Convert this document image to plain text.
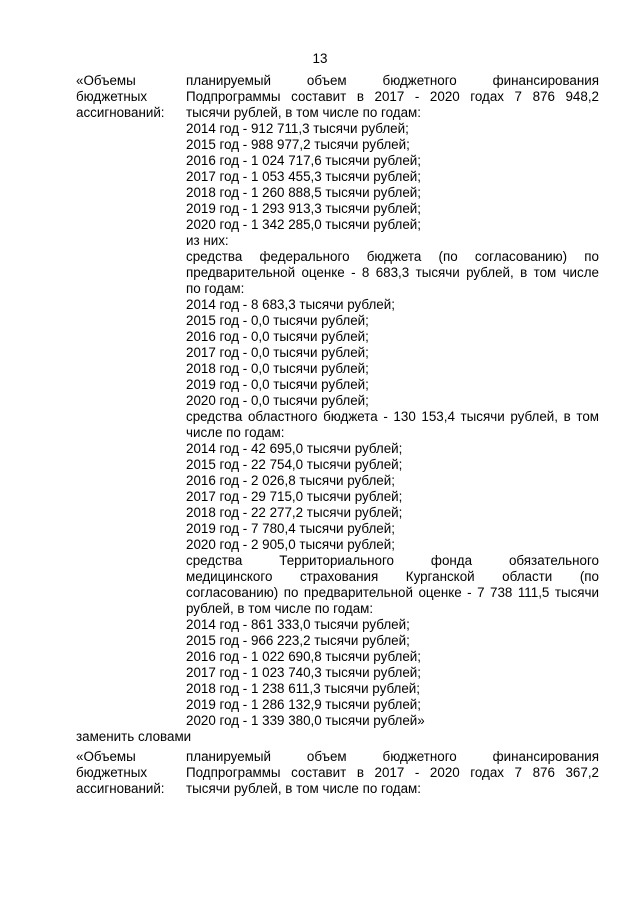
13
«Объемы
бюджетных
ассигнований:
планируемый объем бюджетного финансирования
Подпрограммы составит в 2017 - 2020 годах 7 876 948,2
тысячи рублей, в том числе по годам:
2014 год - 912 711,3 тысячи рублей;
2015 год - 988 977,2 тысячи рублей;
2016 год - 1 024 717,6 тысячи рублей;
2017 год - 1 053 455,3 тысячи рублей;
2018 год - 1 260 888,5 тысячи рублей;
2019 год - 1 293 913,3 тысячи рублей;
2020 год - 1 342 285,0 тысячи рублей;
из них:
средства федерального бюджета (по согласованию) по
предварительной оценке - 8 683,3 тысячи рублей, в том числе
по годам:
2014 год - 8 683,3 тысячи рублей;
2015 год - 0,0 тысячи рублей;
2016 год - 0,0 тысячи рублей;
2017 год - 0,0 тысячи рублей;
2018 год - 0,0 тысячи рублей;
2019 год - 0,0 тысячи рублей;
2020 год - 0,0 тысячи рублей;
средства областного бюджета - 130 153,4 тысячи рублей, в том
числе по годам:
2014 год - 42 695,0 тысячи рублей;
2015 год - 22 754,0 тысячи рублей;
2016 год - 2 026,8 тысячи рублей;
2017 год - 29 715,0 тысячи рублей;
2018 год - 22 277,2 тысячи рублей;
2019 год - 7 780,4 тысячи рублей;
2020 год - 2 905,0 тысячи рублей;
средства Территориального фонда обязательного
медицинского страхования Курганской области (по
согласованию) по предварительной оценке - 7 738 111,5 тысячи
рублей, в том числе по годам:
2014 год - 861 333,0 тысячи рублей;
2015 год - 966 223,2 тысячи рублей;
2016 год - 1 022 690,8 тысячи рублей;
2017 год - 1 023 740,3 тысячи рублей;
2018 год - 1 238 611,3 тысячи рублей;
2019 год - 1 286 132,9 тысячи рублей;
2020 год - 1 339 380,0 тысячи рублей»
заменить словами
«Объемы
бюджетных
ассигнований:
планируемый объем бюджетного финансирования
Подпрограммы составит в 2017 - 2020 годах 7 876 367,2
тысячи рублей, в том числе по годам:
